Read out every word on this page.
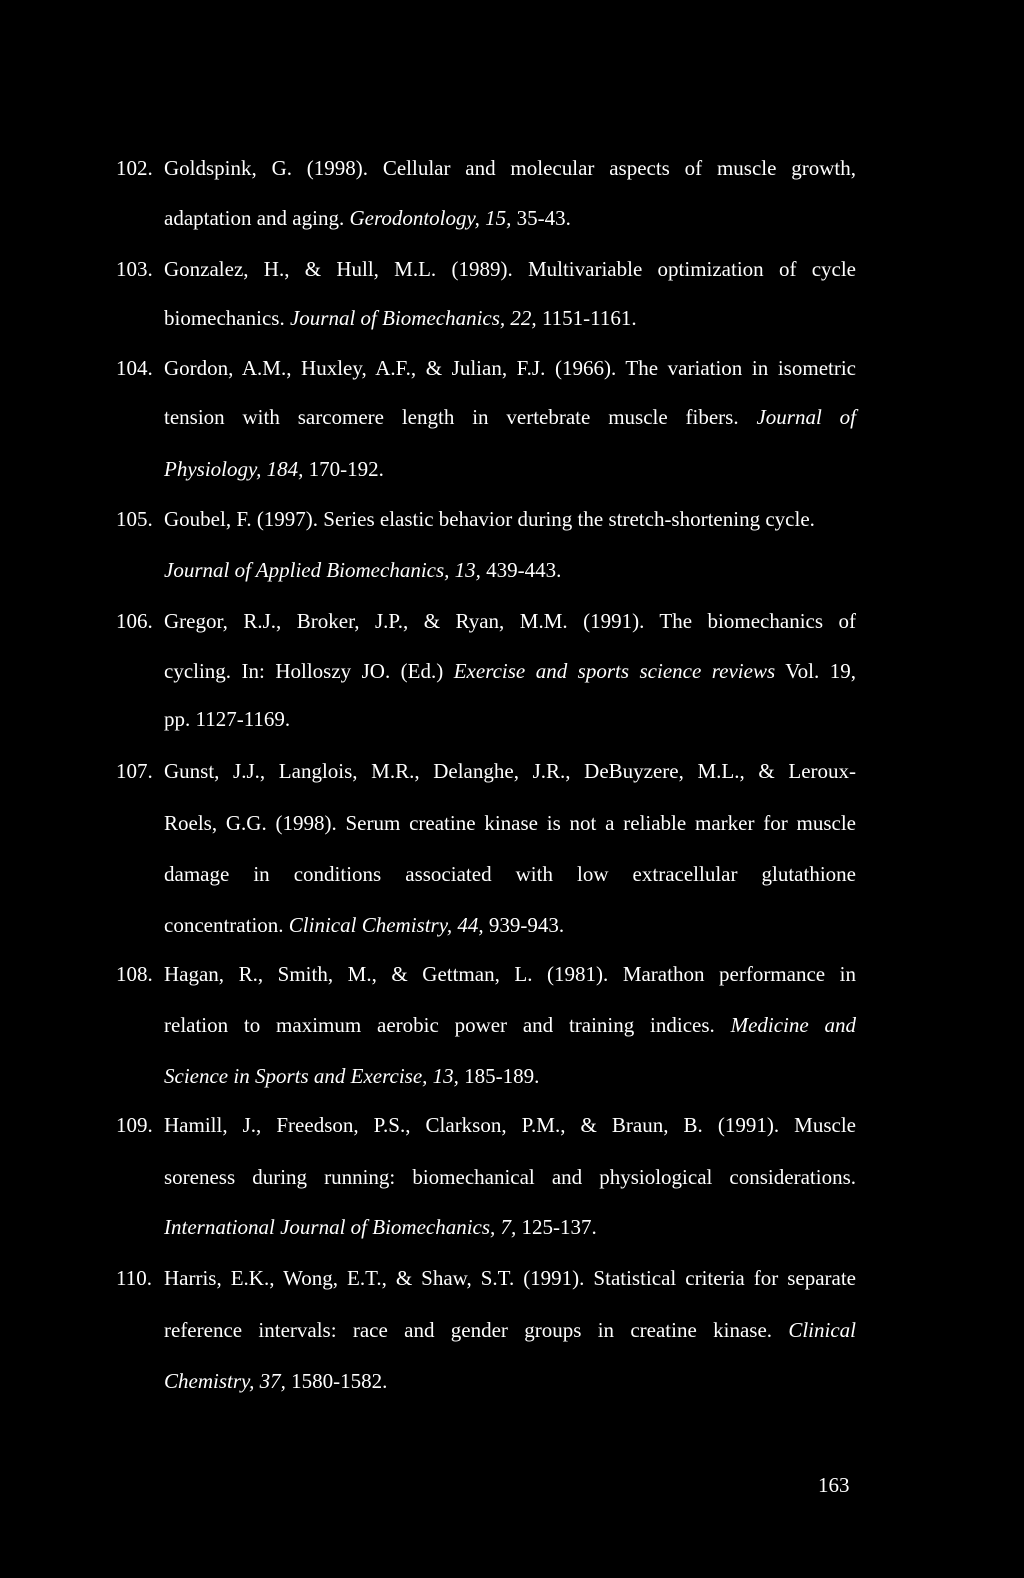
102. Goldspink, G. (1998). Cellular and molecular aspects of muscle growth,
adaptation and aging. Gerodontology, 15, 35-43.
103. Gonzalez, H., & Hull, M.L. (1989). Multivariable optimization of cycle
biomechanics. Journal of Biomechanics, 22, 1151-1161.
104. Gordon, A.M., Huxley, A.F., & Julian, F.J. (1966). The variation in isometric
tension with sarcomere length in vertebrate muscle fibers. Journal of
Physiology, 184, 170-192.
105. Goubel, F. (1997). Series elastic behavior during the stretch-shortening cycle.
Journal of Applied Biomechanics, 13, 439-443.
106. Gregor, R.J., Broker, J.P., & Ryan, M.M. (1991). The biomechanics of
cycling. In: Holloszy JO. (Ed.) Exercise and sports science reviews Vol. 19,
pp. 1127-1169.
107. Gunst, J.J., Langlois, M.R., Delanghe, J.R., DeBuyzere, M.L., & Leroux-
Roels, G.G. (1998). Serum creatine kinase is not a reliable marker for muscle
damage in conditions associated with low extracellular glutathione
concentration. Clinical Chemistry, 44, 939-943.
108. Hagan, R., Smith, M., & Gettman, L. (1981). Marathon performance in
relation to maximum aerobic power and training indices. Medicine and
Science in Sports and Exercise, 13, 185-189.
109. Hamill, J., Freedson, P.S., Clarkson, P.M., & Braun, B. (1991). Muscle
soreness during running: biomechanical and physiological considerations.
International Journal of Biomechanics, 7, 125-137.
110. Harris, E.K., Wong, E.T., & Shaw, S.T. (1991). Statistical criteria for separate
reference intervals: race and gender groups in creatine kinase. Clinical
Chemistry, 37, 1580-1582.
163
